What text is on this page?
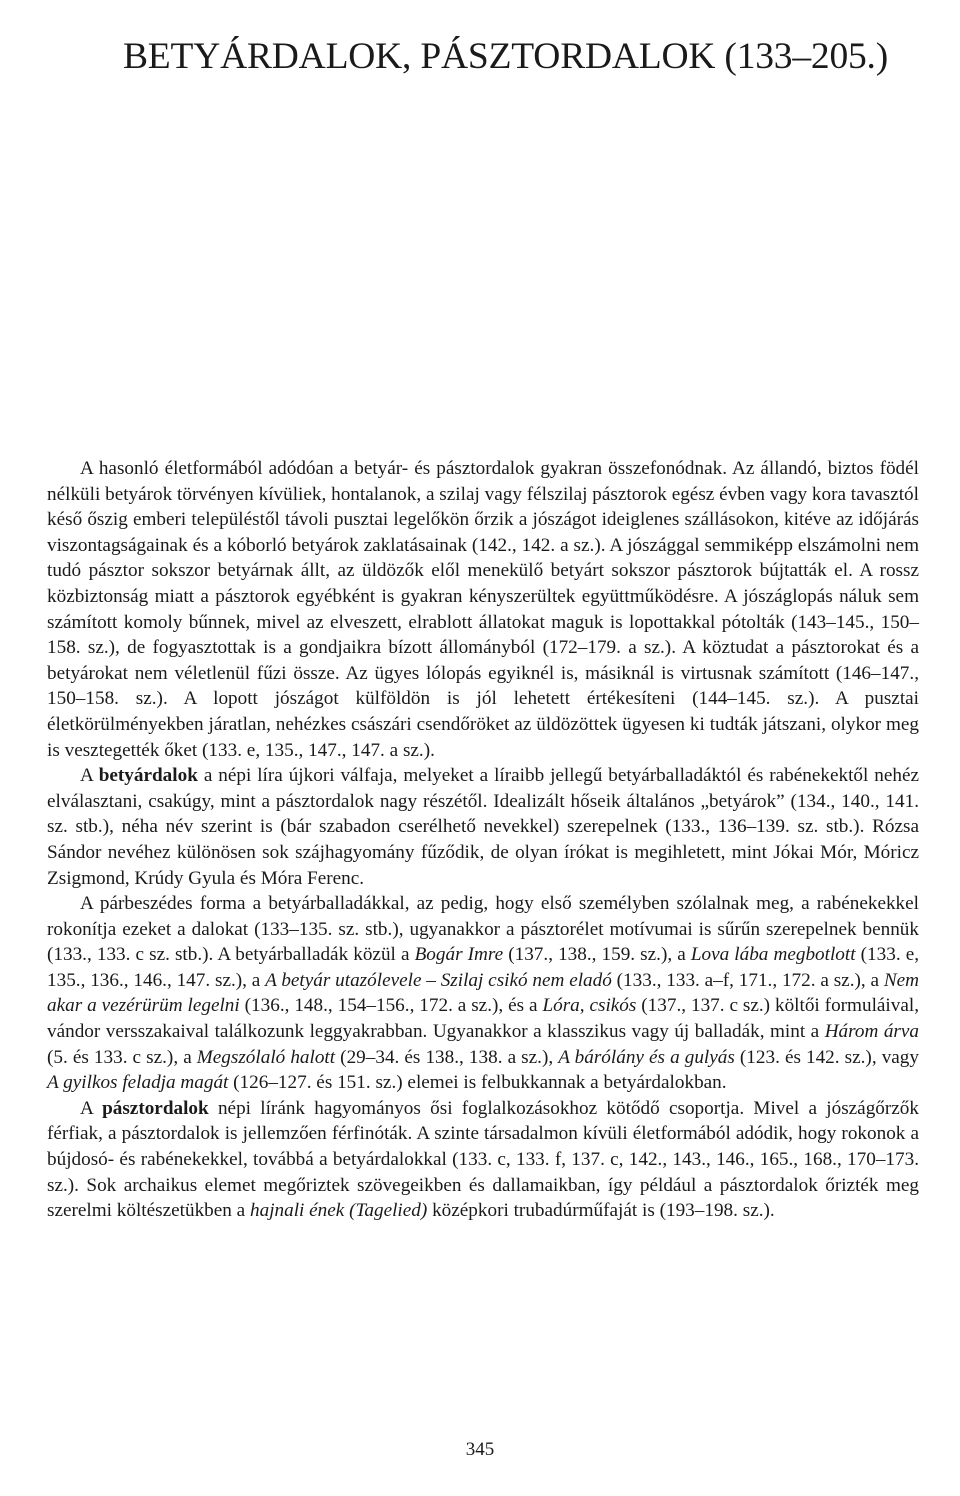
BETYÁRDALOK, PÁSZTORDALOK (133–205.)

A hasonló életformából adódóan a betyár- és pásztordalok gyakran összefonódnak. Az állandó, biztos födél nélküli betyárok törvényen kívüliek, hontalanok, a szilaj vagy félszilaj pásztorok egész évben vagy kora tavasztól késő őszig emberi településtől távoli pusztai legelőkön őrzik a jószágot ideiglenes szállásokon, kitéve az időjárás viszontagságainak és a kóborló betyárok zaklatásainak (142., 142. a sz.). A jószággal semmiképp elszámolni nem tudó pásztor sokszor betyárnak állt, az üldözők elől menekülő betyárt sokszor pásztorok bújtatták el. A rossz közbiztonság miatt a pásztorok egyébként is gyakran kényszerültek együttműködésre. A jószáglopás náluk sem számított komoly bűnnek, mivel az elveszett, elrablott állatokat maguk is lopottakkal pótolták (143–145., 150–158. sz.), de fogyasztottak is a gondjaikra bízott állományból (172–179. a sz.). A köztudat a pásztorokat és a betyárokat nem véletlenül fűzi össze. Az ügyes lólopás egyiknél is, másiknál is virtusnak számított (146–147., 150–158. sz.). A lopott jószágot külföldön is jól lehetett értékesíteni (144–145. sz.). A pusztai életkörülményekben járatlan, nehézkes császári csendőröket az üldözöttek ügyesen ki tudták játszani, olykor meg is vesztegették őket (133. e, 135., 147., 147. a sz.).

A betyárdalok a népi líra újkori válfaja, melyeket a líraibb jellegű betyárballadáktól és rabénekektől nehéz elválasztani, csakúgy, mint a pásztordalok nagy részétől. Idealizált hőseik általános „betyárok” (134., 140., 141. sz. stb.), néha név szerint is (bár szabadon cserélhető nevekkel) szerepelnek (133., 136–139. sz. stb.). Rózsa Sándor nevéhez különösen sok szájhagyomány fűződik, de olyan írókat is megihletett, mint Jókai Mór, Móricz Zsigmond, Krúdy Gyula és Móra Ferenc.

A párbeszédes forma a betyárballadákkal, az pedig, hogy első személyben szólalnak meg, a rabénekekkel rokonítja ezeket a dalokat (133–135. sz. stb.), ugyanakkor a pásztorélet motívumai is sűrűn szerepelnek bennük (133., 133. c sz. stb.). A betyárballadák közül a Bogár Imre (137., 138., 159. sz.), a Lova lába megbotlott (133. e, 135., 136., 146., 147. sz.), a A betyár utazólevele – Szilaj csikó nem eladó (133., 133. a–f, 171., 172. a sz.), a Nem akar a vezérürüm legelni (136., 148., 154–156., 172. a sz.), és a Lóra, csikós (137., 137. c sz.) költői formuláival, vándor versszakaival találkozunk leggyakrabban. Ugyanakkor a klasszikus vagy új balladák, mint a Három árva (5. és 133. c sz.), a Megszólaló halott (29–34. és 138., 138. a sz.), A bárólány és a gulyás (123. és 142. sz.), vagy A gyilkos feladja magát (126–127. és 151. sz.) elemei is felbukkannak a betyárdalokban.

A pásztordalok népi líránk hagyományos ősi foglalkozásokhoz kötődő csoportja. Mivel a jószágőrzők férfiak, a pásztordalok is jellemzően férfinóták. A szinte társadalmon kívüli életformából adódik, hogy rokonok a bújdosó- és rabénekekkel, továbbá a betyárdalokkal (133. c, 133. f, 137. c, 142., 143., 146., 165., 168., 170–173. sz.). Sok archaikus elemet megőriztek szövegeikben és dallamaikban, így például a pásztordalok őrizték meg szerelmi költészetükben a hajnali ének (Tagelied) középkori trubadúrműfaját is (193–198. sz.).

345
